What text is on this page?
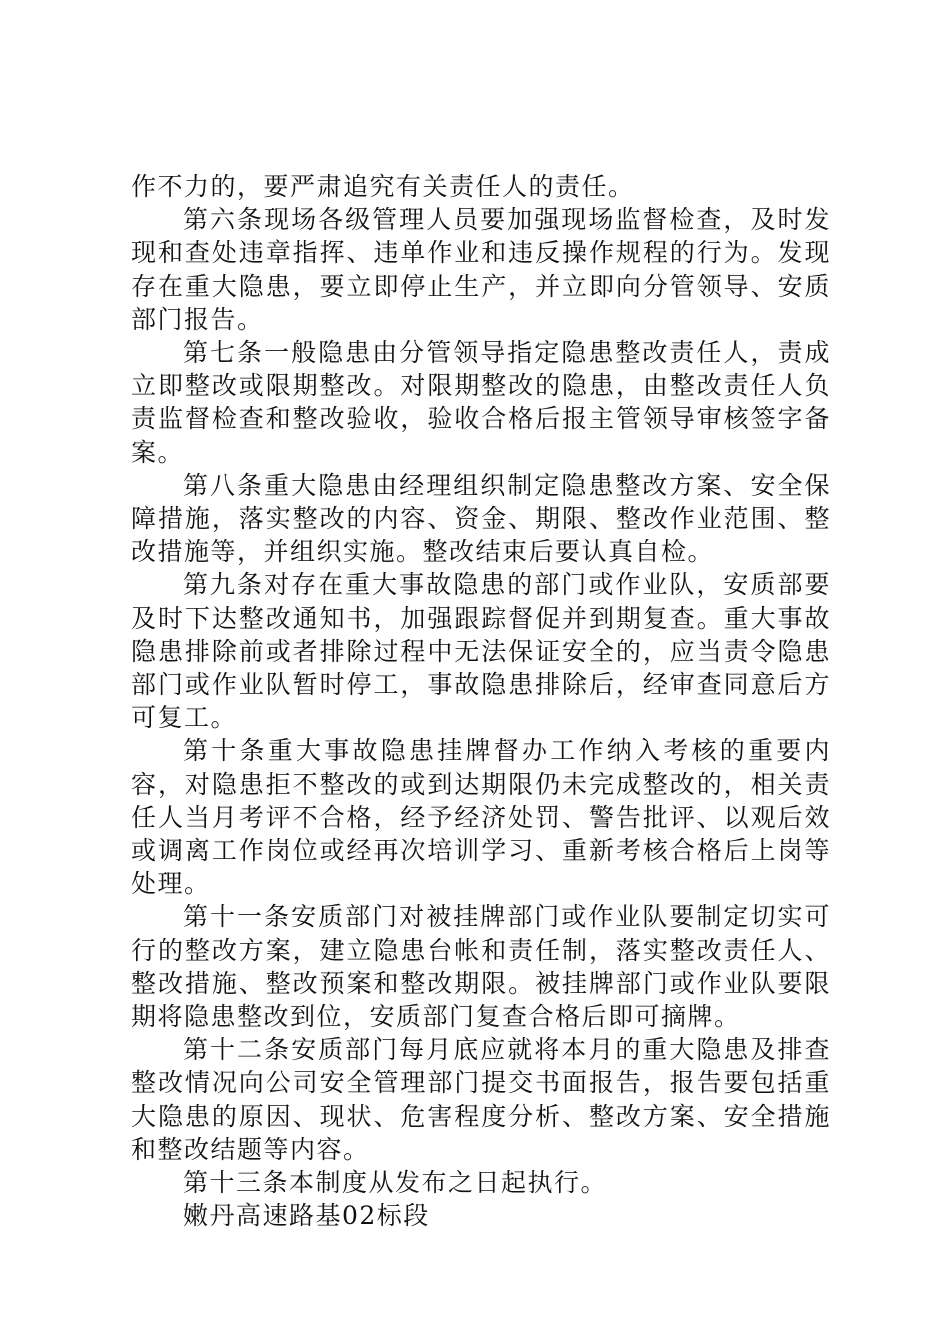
作不力的，要严肃追究有关责任人的责任。

第六条现场各级管理人员要加强现场监督检查，及时发现和查处违章指挥、违单作业和违反操作规程的行为。发现存在重大隐患，要立即停止生产，并立即向分管领导、安质部门报告。

第七条一般隐患由分管领导指定隐患整改责任人，责成立即整改或限期整改。对限期整改的隐患，由整改责任人负责监督检查和整改验收，验收合格后报主管领导审核签字备案。

第八条重大隐患由经理组织制定隐患整改方案、安全保障措施，落实整改的内容、资金、期限、整改作业范围、整改措施等，并组织实施。整改结束后要认真自检。

第九条对存在重大事故隐患的部门或作业队，安质部要及时下达整改通知书，加强跟踪督促并到期复查。重大事故隐患排除前或者排除过程中无法保证安全的，应当责令隐患部门或作业队暂时停工，事故隐患排除后，经审查同意后方可复工。

第十条重大事故隐患挂牌督办工作纳入考核的重要内容，对隐患拒不整改的或到达期限仍未完成整改的，相关责任人当月考评不合格，经予经济处罚、警告批评、以观后效或调离工作岗位或经再次培训学习、重新考核合格后上岗等处理。

第十一条安质部门对被挂牌部门或作业队要制定切实可行的整改方案，建立隐患台帐和责任制，落实整改责任人、整改措施、整改预案和整改期限。被挂牌部门或作业队要限期将隐患整改到位，安质部门复查合格后即可摘牌。

第十二条安质部门每月底应就将本月的重大隐患及排查整改情况向公司安全管理部门提交书面报告，报告要包括重大隐患的原因、现状、危害程度分析、整改方案、安全措施和整改结题等内容。

第十三条本制度从发布之日起执行。

嫩丹高速路基02标段
